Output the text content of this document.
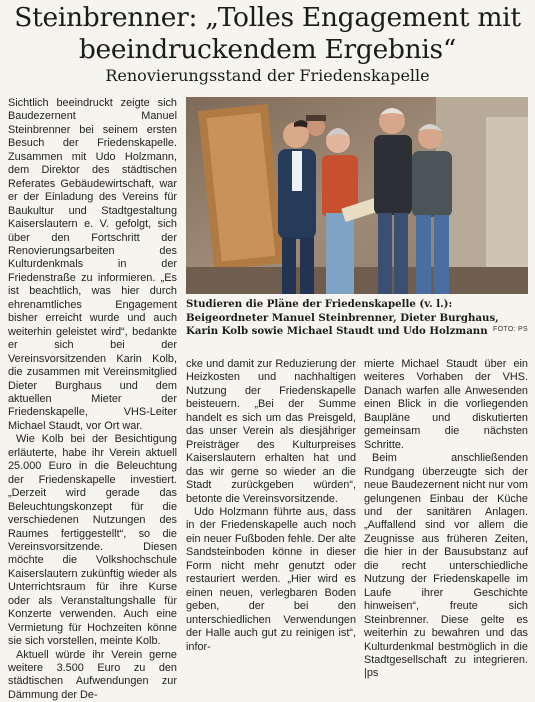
Steinbrenner: „Tolles Engagement mit
beeindruckendem Ergebnis“
Renovierungsstand der Friedenskapelle

Sichtlich beeindruckt zeigte sich Baudezernent Manuel Steinbrenner bei seinem ersten Besuch der Friedenskapelle. Zusammen mit Udo Holzmann, dem Direktor des städtischen Referates Gebäudewirtschaft, war er der Einladung des Vereins für Baukultur und Stadtgestaltung Kaiserslautern e. V. gefolgt, sich über den Fortschritt der Renovierungsarbeiten des Kulturdenkmals in der Friedenstraße zu informieren. „Es ist beachtlich, was hier durch ehrenamtliches Engagement bisher erreicht wurde und auch weiterhin geleistet wird“, bedankte er sich bei der Vereinsvorsitzenden Karin Kolb, die zusammen mit Vereinsmitglied Dieter Burghaus und dem aktuellen Mieter der Friedenskapelle, VHS-Leiter Michael Staudt, vor Ort war.

Wie Kolb bei der Besichtigung erläuterte, habe ihr Verein aktuell 25.000 Euro in die Beleuchtung der Friedenskapelle investiert. „Derzeit wird gerade das Beleuchtungskonzept für die verschiedenen Nutzungen des Raumes fertiggestellt“, so die Vereinsvorsitzende. Diesen möchte die Volkshochschule Kaiserslautern zukünftig wieder als Unterrichtsraum für ihre Kurse oder als Veranstaltungshalle für Konzerte verwenden. Auch eine Vermietung für Hochzeiten könne sie sich vorstellen, meinte Kolb.

Aktuell würde ihr Verein gerne weitere 3.500 Euro zu den städtischen Aufwendungen zur Dämmung der De-

Studieren die Pläne der Friedenskapelle (v. l.): Beigeordneter Manuel Steinbrenner, Dieter Burghaus, Karin Kolb sowie Michael Staudt und Udo Holzmann FOTO: PS

cke und damit zur Reduzierung der Heizkosten und nachhaltigen Nutzung der Friedenskapelle beisteuern. „Bei der Summe handelt es sich um das Preisgeld, das unser Verein als diesjähriger Preisträger des Kulturpreises Kaiserslautern erhalten hat und das wir gerne so wieder an die Stadt zurückgeben würden“, betonte die Vereinsvorsitzende.

Udo Holzmann führte aus, dass in der Friedenskapelle auch noch ein neuer Fußboden fehle. Der alte Sandsteinboden könne in dieser Form nicht mehr genutzt oder restauriert werden. „Hier wird es einen neuen, verlegbaren Boden geben, der bei den unterschiedlichen Verwendungen der Halle auch gut zu reinigen ist“, infor-

mierte Michael Staudt über ein weiteres Vorhaben der VHS. Danach warfen alle Anwesenden einen Blick in die vorliegenden Baupläne und diskutierten gemeinsam die nächsten Schritte.

Beim anschließenden Rundgang überzeugte sich der neue Baudezernent nicht nur vom gelungenen Einbau der Küche und der sanitären Anlagen. „Auffallend sind vor allem die Zeugnisse aus früheren Zeiten, die hier in der Bausubstanz auf die recht unterschiedliche Nutzung der Friedenskapelle im Laufe ihrer Geschichte hinweisen“, freute sich Steinbrenner. Diese gelte es weiterhin zu bewahren und das Kulturdenkmal bestmöglich in die Stadtgesellschaft zu integrieren. |ps
